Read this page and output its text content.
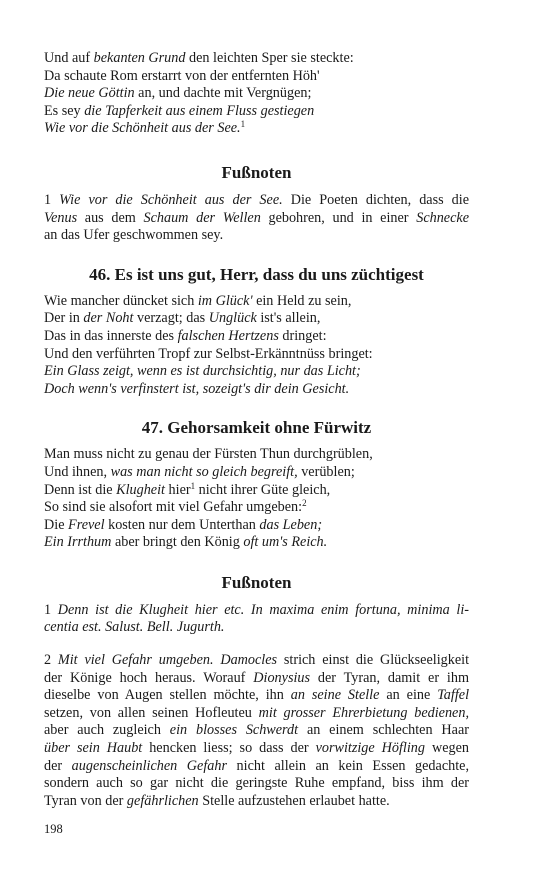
Und auf bekanten Grund den leichten Sper sie steckte:
Da schaute Rom erstarrt von der entfernten Höh'
Die neue Göttin an, und dachte mit Vergnügen;
Es sey die Tapferkeit aus einem Fluss gestiegen
Wie vor die Schönheit aus der See.$^1$
Fußnoten
1 Wie vor die Schönheit aus der See. Die Poeten dichten, dass die
Venus aus dem Schaum der Wellen gebohren, und in einer Schnecke
an das Ufer geschwommen sey.
46. Es ist uns gut, Herr, dass du uns züchtigest
Wie mancher düncket sich im Glück' ein Held zu sein,
Der in der Noht verzagt; das Unglück ist's allein,
Das in das innerste des falschen Hertzens dringet:
Und den verführten Tropf zur Selbst-Erkänntnüss bringet:
Ein Glass zeigt, wenn es ist durchsichtig, nur das Licht;
Doch wenn's verfinstert ist, sozeigt's dir dein Gesicht.
47. Gehorsamkeit ohne Fürwitz
Man muss nicht zu genau der Fürsten Thun durchgrüblen,
Und ihnen, was man nicht so gleich begreift, verüblen;
Denn ist die Klugheit hier$^1$ nicht ihrer Güte gleich,
So sind sie alsofort mit viel Gefahr umgeben:$^2$
Die Frevel kosten nur dem Unterthan das Leben;
Ein Irrthum aber bringt den König oft um's Reich.
Fußnoten
1 Denn ist die Klugheit hier etc. In maxima enim fortuna, minima li-
centia est. Salust. Bell. Jugurth.
2 Mit viel Gefahr umgeben. Damocles strich einst die Glückseeligkeit
der Könige hoch heraus. Worauf Dionysius der Tyran, damit er ihm
dieselbe von Augen stellen möchte, ihn an seine Stelle an eine Taffel
setzen, von allen seinen Hofleuteu mit grosser Ehrerbietung bedienen,
aber auch zugleich ein blosses Schwerdt an einem schlechten Haar
über sein Haubt hencken liess; so dass der vorwitzige Höfling wegen
der augenscheinlichen Gefahr nicht allein an kein Essen gedachte,
sondern auch so gar nicht die geringste Ruhe empfand, biss ihm der
Tyran von der gefährlichen Stelle aufzustehen erlaubet hatte.
198
